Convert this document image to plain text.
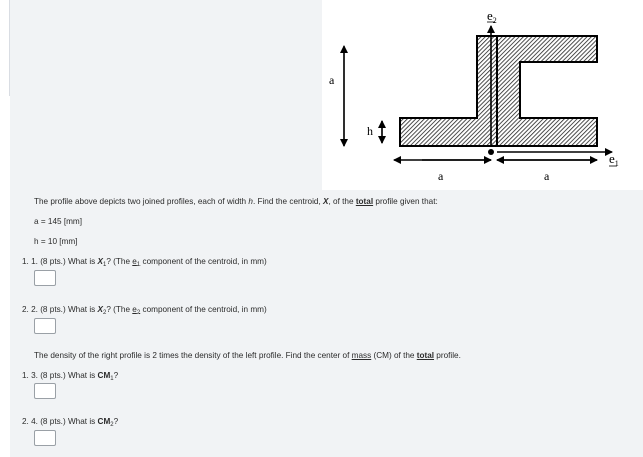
$e_2$
$e_1$
a
h
a	a
The profile above depicts two joined profiles, each of width h. Find the centroid, X, of the total profile given that:
a = 145 [mm]
h = 10 [mm]
1. 1. (8 pts.) What is $X_1$? (The $e_1$ component of the centroid, in mm)
2. 2. (8 pts.) What is $X_2$? (The $e_2$ component of the centroid, in mm)
The density of the right profile is 2 times the density of the left profile. Find the center of mass (CM) of the total profile.
1. 3. (8 pts.) What is $CM_1$?
2. 4. (8 pts.) What is $CM_2$?
